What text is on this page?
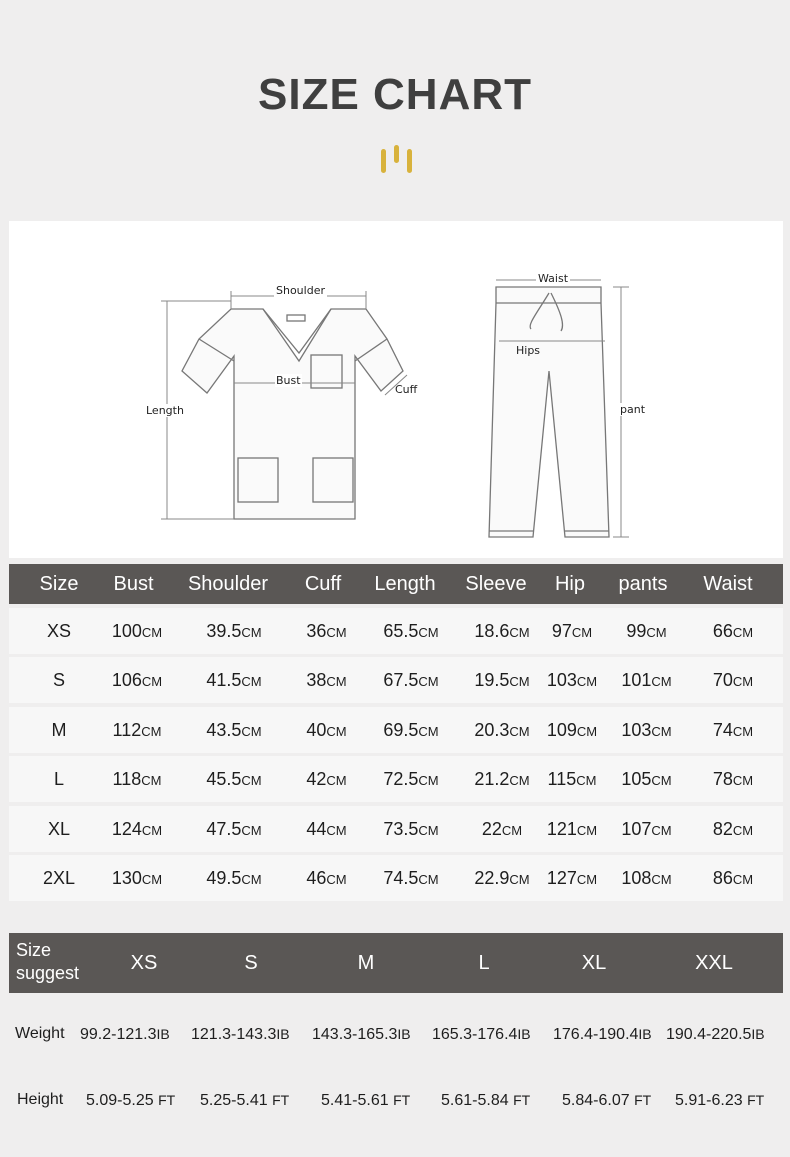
SIZE CHART
Shoulder
Length
Bust
Cuff
Waist
Hips
pant
Size	Bust	Shoulder	Cuff	Length	Sleeve	Hip	pants	Waist
XS	100CM	39.5CM	36CM	65.5CM	18.6CM	97CM	99CM	66CM
S	106CM	41.5CM	38CM	67.5CM	19.5CM 103CM	101CM	70CM
M	112CM	43.5CM	40CM	69.5CM	20.3CM 109CM	103CM	74CM
L	118CM	45.5CM	42CM	72.5CM	21.2CM 115CM	105CM	78CM
XL	124CM	47.5CM	44CM	73.5CM	22CM	121CM	107CM	82CM
2XL	130CM	49.5CM	46CM	74.5CM	22.9CM 127CM	108CM	86CM
Size
suggest	XS	S	M	L	XL	XXL
Weight 99.2-121.3IB 121.3-143.3IB 143.3-165.3IB 165.3-176.4IB 176.4-190.4IB 190.4-220.5IB
Height 5.09-5.25 FT 5.25-5.41 FT 5.41-5.61 FT 5.61-5.84 FT 5.84-6.07 FT 5.91-6.23 FT
